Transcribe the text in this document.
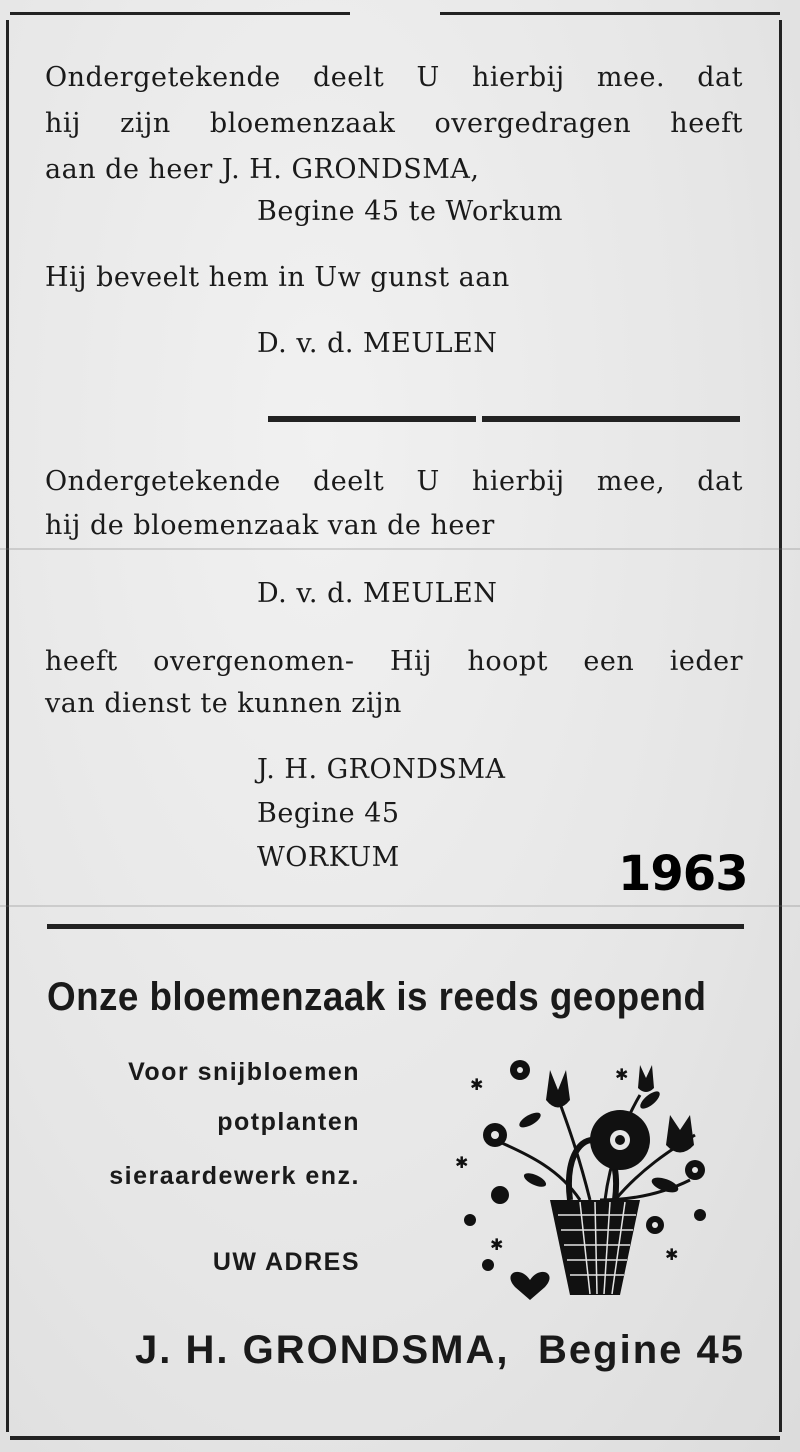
Ondergetekende deelt U hierbij mee. dat
hij zijn bloemenzaak overgedragen heeft
aan de heer J. H. GRONDSMA,
Begine 45 te Workum
Hij beveelt hem in Uw gunst aan
D. v. d. MEULEN
Ondergetekende deelt U hierbij mee, dat
hij de bloemenzaak van de heer
D. v. d. MEULEN
heeft overgenomen- Hij hoopt een ieder
van dienst te kunnen zijn
J. H. GRONDSMA
Begine 45
WORKUM	1963
Onze bloemenzaak is reeds geopend
Voor snijbloemen
potplanten
sieraardewerk enz.
UW ADRES
✱
✱
✱
✱
✱
J. H. GRONDSMA, Begine 45
